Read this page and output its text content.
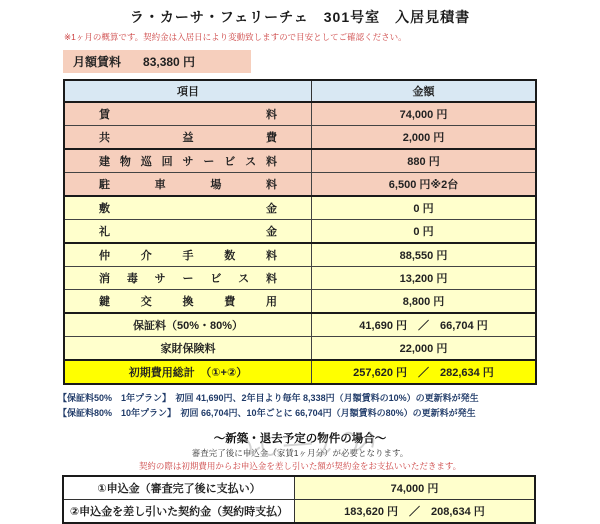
ラ・カーサ・フェリーチェ　301号室　入居見積書
※1ヶ月の概算です。契約金は入居日により変動致しますので目安としてご確認ください。
月額賃料 83,380 円
項目	金額
賃料	74,000 円
共益費	2,000 円
建物巡回サービス料	880 円
駐車場料	6,500 円※2台
敷金	0 円
礼金	0 円
仲介手数料	88,550 円
消毒サービス料	13,200 円
鍵交換費用	8,800 円
保証料（50%・80%）	41,690 円　／　66,704 円
家財保険料	22,000 円
初期費用総計　（①+②）	257,620 円　／　282,634 円
【保証料50%　1年プラン】　初回 41,690円、2年目より毎年 8,338円（月額賃料の10%）の更新料が発生
【保証料80%　10年プラン】　初回 66,704円、10年ごとに 66,704円（月額賃料の80%）の更新料が発生
～新築・退去予定の物件の場合～
審査完了後に申込金（家賃1ヶ月分）が必要となります。
契約の際は初期費用からお申込金を差し引いた額が契約金をお支払いいただきます。
①申込金（審査完了後に支払い）	74,000 円
②申込金を差し引いた契約金（契約時支払）	183,620 円　／　208,634 円
